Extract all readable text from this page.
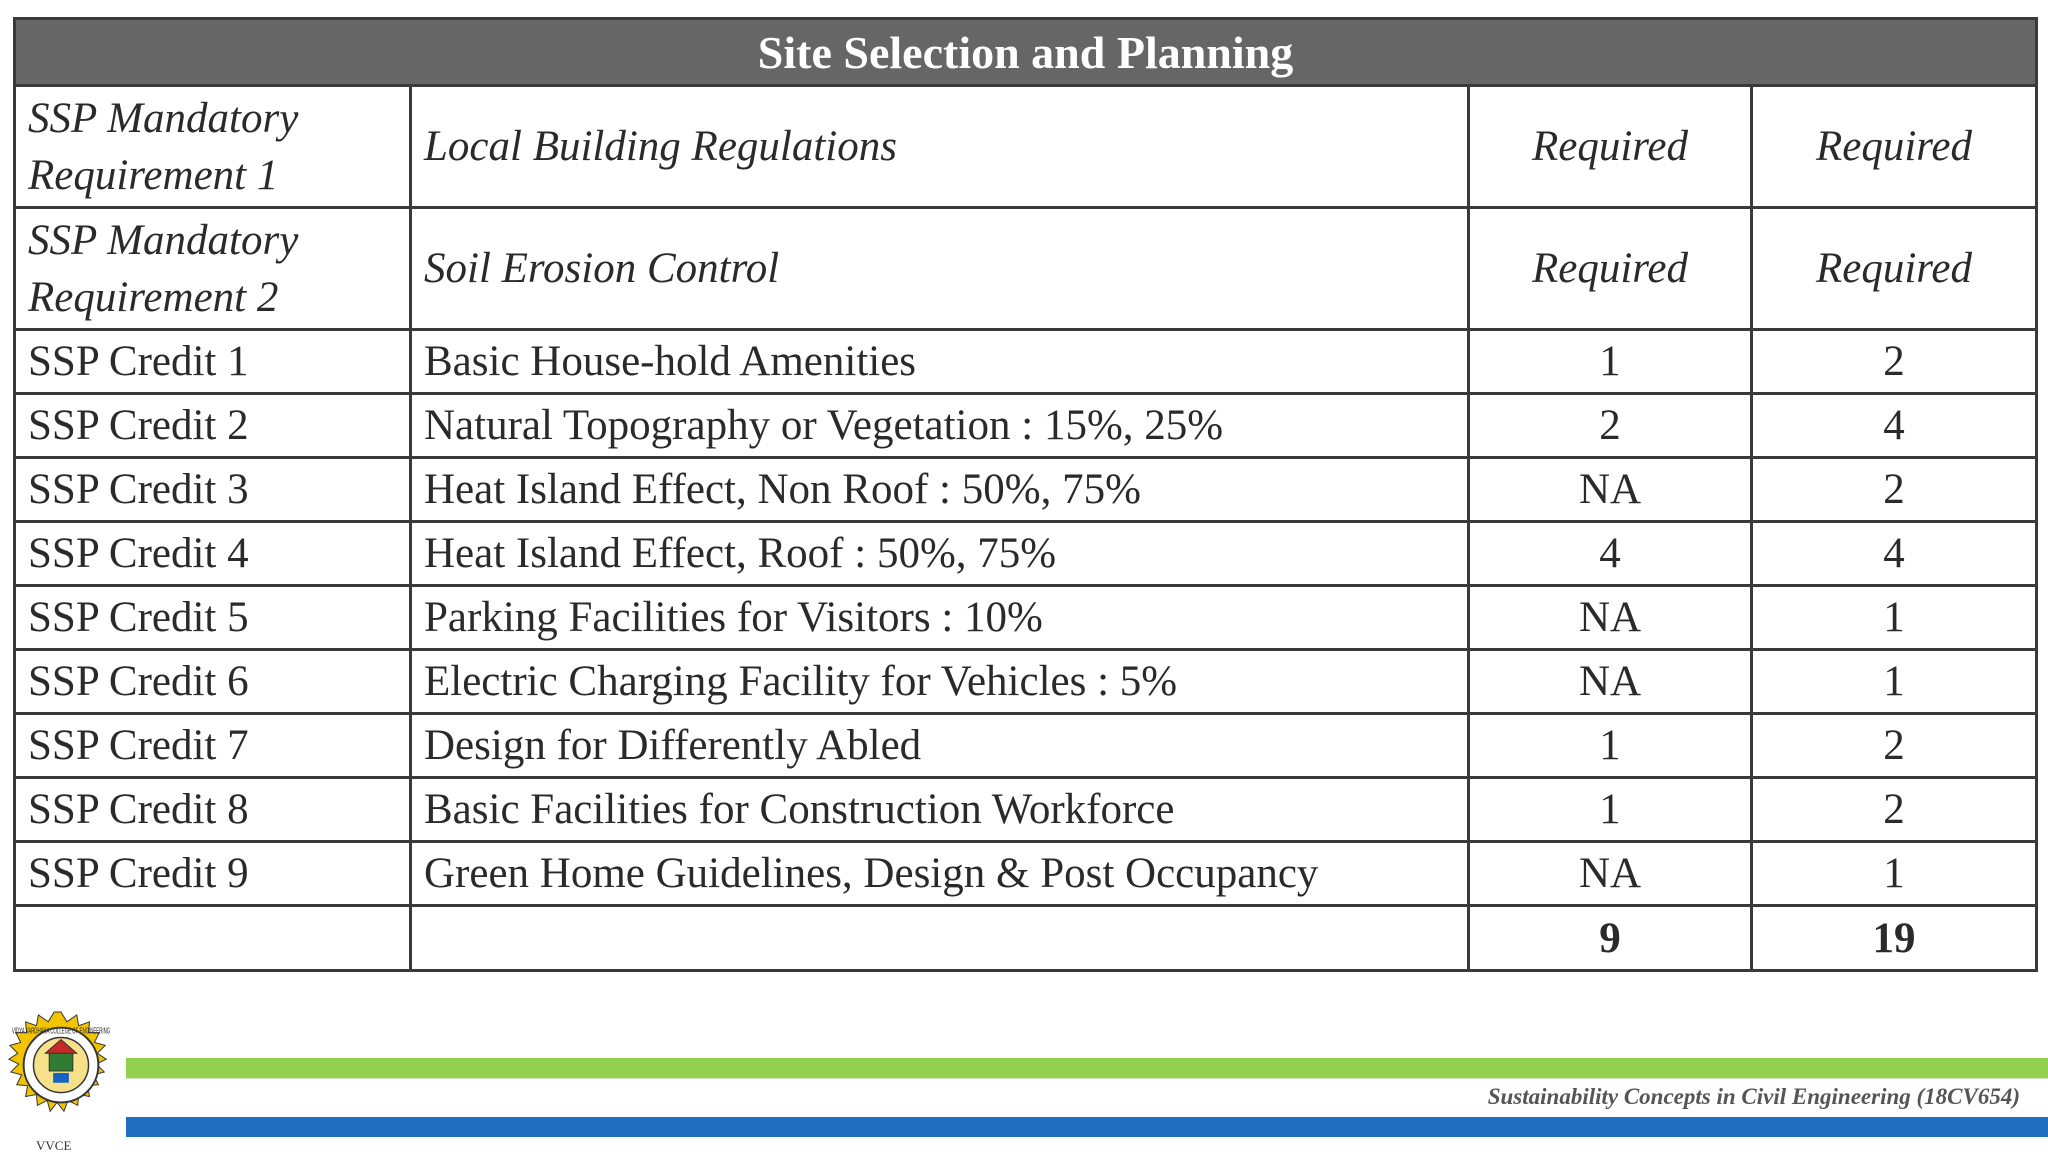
Site Selection and Planning			
SSP Mandatory Requirement 1	Local Building Regulations	Required	Required
SSP Mandatory Requirement 2	Soil Erosion Control	Required	Required
SSP Credit 1	Basic House-hold Amenities	1	2
SSP Credit 2	Natural Topography or Vegetation : 15%, 25%	2	4
SSP Credit 3	Heat Island Effect, Non Roof : 50%, 75%	NA	2
SSP Credit 4	Heat Island Effect, Roof : 50%, 75%	4	4
SSP Credit 5	Parking Facilities for Visitors : 10%	NA	1
SSP Credit 6	Electric Charging Facility for Vehicles : 5%	NA	1
SSP Credit 7	Design for Differently Abled	1	2
SSP Credit 8	Basic Facilities for Construction Workforce	1	2
SSP Credit 9	Green Home Guidelines, Design & Post Occupancy	NA	1
		9	19
VIDYA VARDHAKA COLLEGE OF ENGINEERING
VVCE
Sustainability Concepts in Civil Engineering (18CV654)
